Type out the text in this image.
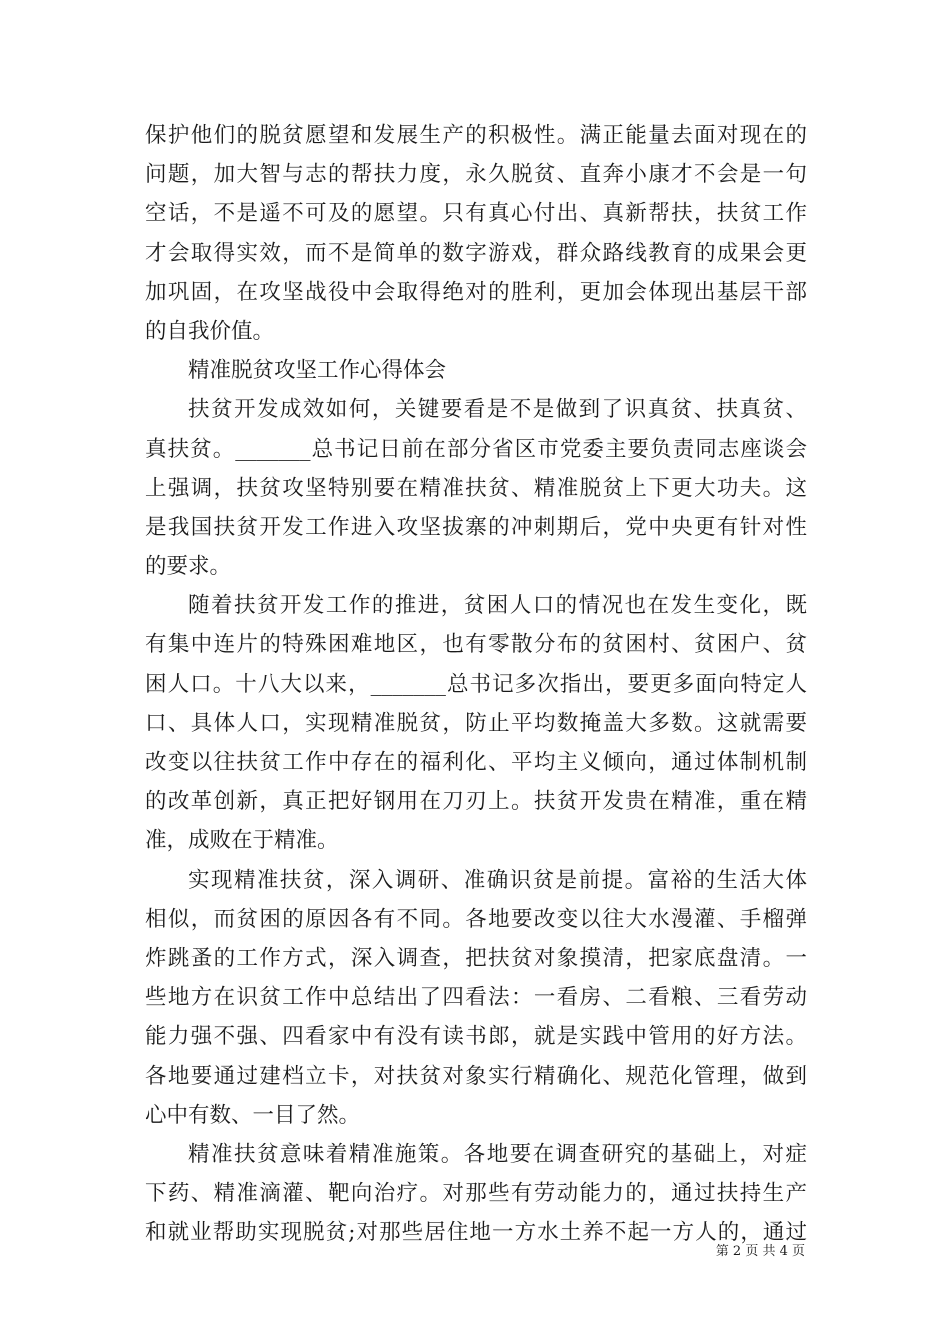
保护他们的脱贫愿望和发展生产的积极性。满正能量去面对现在的
问题，加大智与志的帮扶力度，永久脱贫、直奔小康才不会是一句
空话，不是遥不可及的愿望。只有真心付出、真新帮扶，扶贫工作
才会取得实效，而不是简单的数字游戏，群众路线教育的成果会更
加巩固，在攻坚战役中会取得绝对的胜利，更加会体现出基层干部
的自我价值。
精准脱贫攻坚工作心得体会
扶贫开发成效如何，关键要看是不是做到了识真贫、扶真贫、
真扶贫。_______总书记日前在部分省区市党委主要负责同志座谈会
上强调，扶贫攻坚特别要在精准扶贫、精准脱贫上下更大功夫。这
是我国扶贫开发工作进入攻坚拔寨的冲刺期后，党中央更有针对性
的要求。
随着扶贫开发工作的推进，贫困人口的情况也在发生变化，既
有集中连片的特殊困难地区，也有零散分布的贫困村、贫困户、贫
困人口。十八大以来，_______总书记多次指出，要更多面向特定人
口、具体人口，实现精准脱贫，防止平均数掩盖大多数。这就需要
改变以往扶贫工作中存在的福利化、平均主义倾向，通过体制机制
的改革创新，真正把好钢用在刀刃上。扶贫开发贵在精准，重在精
准，成败在于精准。
实现精准扶贫，深入调研、准确识贫是前提。富裕的生活大体
相似，而贫困的原因各有不同。各地要改变以往大水漫灌、手榴弹
炸跳蚤的工作方式，深入调查，把扶贫对象摸清，把家底盘清。一
些地方在识贫工作中总结出了四看法：一看房、二看粮、三看劳动
能力强不强、四看家中有没有读书郎，就是实践中管用的好方法。
各地要通过建档立卡，对扶贫对象实行精确化、规范化管理，做到
心中有数、一目了然。
精准扶贫意味着精准施策。各地要在调查研究的基础上，对症
下药、精准滴灌、靶向治疗。对那些有劳动能力的，通过扶持生产
和就业帮助实现脱贫;对那些居住地一方水土养不起一方人的，通过
第 2 页 共 4 页
